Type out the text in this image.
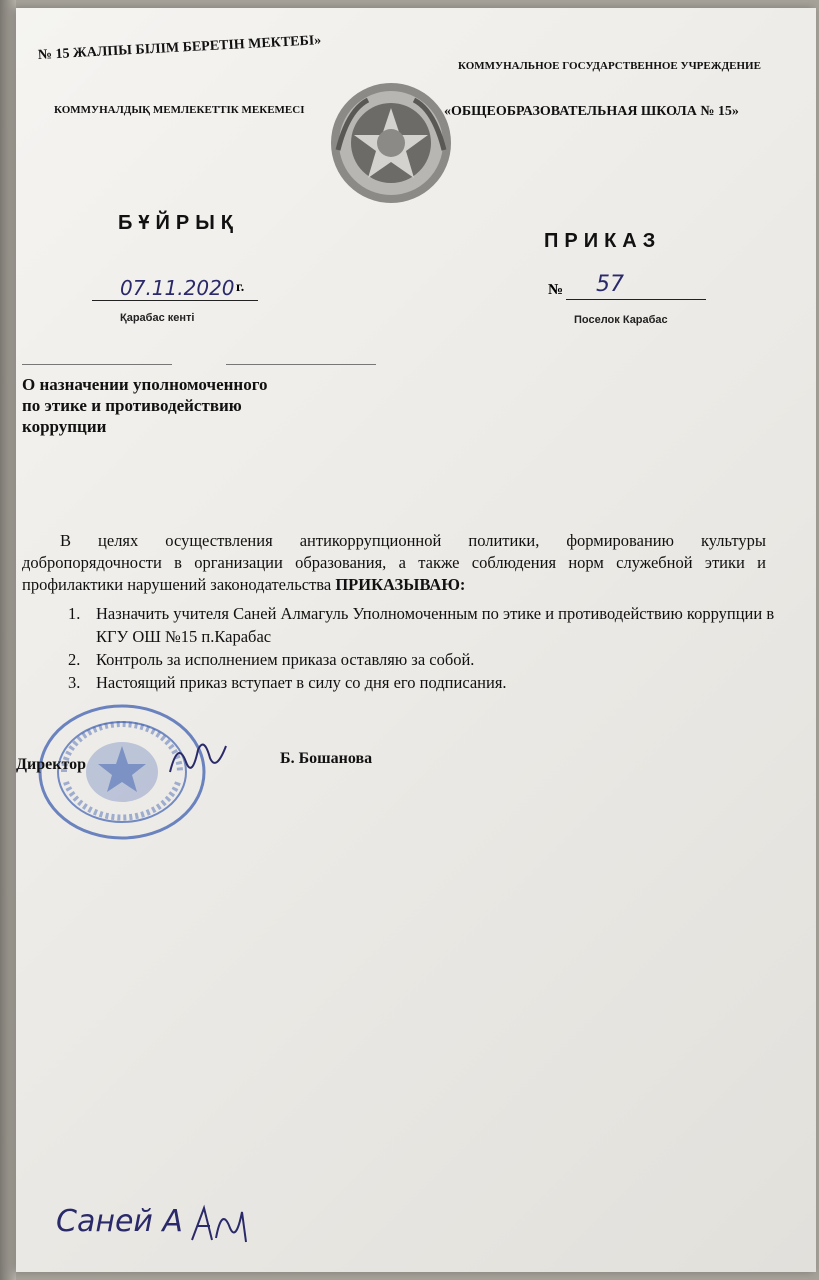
№ 15 ЖАЛПЫ БІЛІМ БЕРЕТІН МЕКТЕБІ»
КОММУНАЛДЫҚ МЕМЛЕКЕТТІК МЕКЕМЕСІ
КОММУНАЛЬНОЕ ГОСУДАРСТВЕННОЕ УЧРЕЖДЕНИЕ
«ОБЩЕОБРАЗОВАТЕЛЬНАЯ ШКОЛА № 15»
БҰЙРЫҚ
ПРИКАЗ
07.11.2020 г.	№ 57
Қарабас кенті	Поселок Карабас
О назначении уполномоченного
по этике и противодействию
коррупции
В целях осуществления антикоррупционной политики, формированию культуры добропорядочности в организации образования, а также соблюдения норм служебной этики и профилактики нарушений законодательства ПРИКАЗЫВАЮ:
1. Назначить учителя Саней Алмагуль Уполномоченным по этике и противодействию коррупции в КГУ ОШ №15 п.Карабас
2. Контроль за исполнением приказа оставляю за собой.
3. Настоящий приказ вступает в силу со дня его подписания.
Директор	Б. Бошанова
Саней А
